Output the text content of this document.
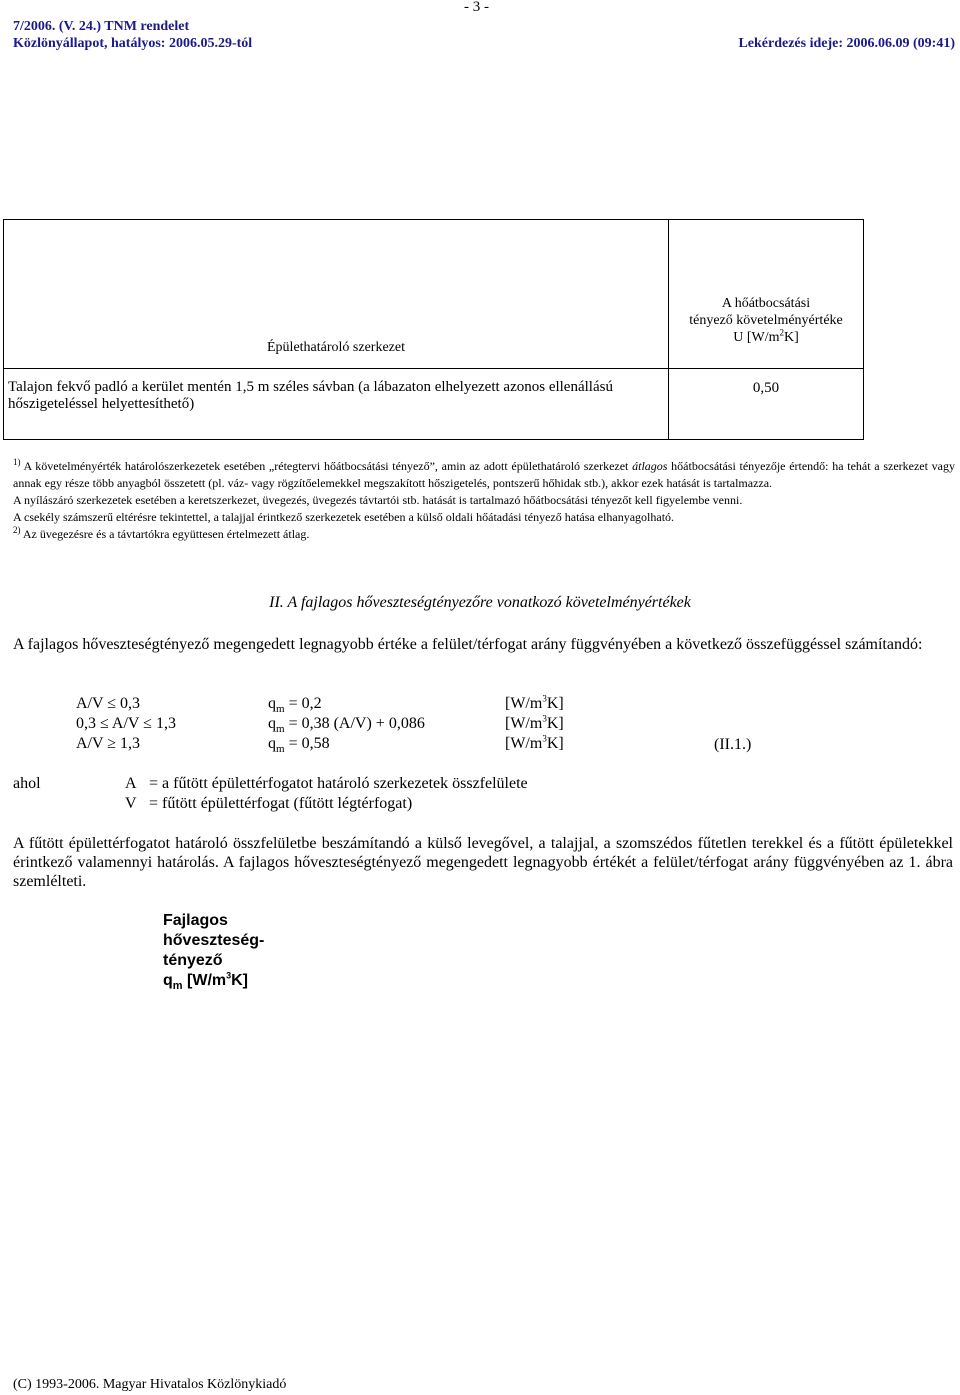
7/2006. (V. 24.) TNM rendelet
Közlönyállapot, hatályos: 2006.05.29-tól
- 3 -
Lekérdezés ideje: 2006.06.09 (09:41)
Épülethatároló szerkezet	A hőátbocsátási
tényező követelményértéke
U $[W/m^2K]$

Talajon fekvő padló a kerület mentén 1,5 m széles sávban (a lábazaton elhelyezett azonos ellenállású hőszigeteléssel helyettesíthető)	0,50

$^{1)}$ A követelményérték határolószerkezetek esetében „rétegtervi hőátbocsátási tényező”, amin az adott épülethatároló szerkezet átlagos hőátbocsátási tényezője értendő: ha tehát a szerkezet vagy annak egy része több anyagból összetett (pl. váz- vagy rögzítőelemekkel megszakított hőszigetelés, pontszerű hőhidak stb.), akkor ezek hatását is tartalmazza.

A nyílászáró szerkezetek esetében a keretszerkezet, üvegezés, üvegezés távtartói stb. hatását is tartalmazó hőátbocsátási tényezőt kell figyelembe venni.

A csekély számszerű eltérésre tekintettel, a talajjal érintkező szerkezetek esetében a külső oldali hőátadási tényező hatása elhanyagolható.

$^{2)}$ Az üvegezésre és a távtartókra együttesen értelmezett átlag.

II. A fajlagos hőveszteségtényezőre vonatkozó követelményértékek
A fajlagos hőveszteségtényező megengedett legnagyobb értéke a felület/térfogat arány függvényében a következő összefüggéssel számítandó:
A/V ≤ 0,3	$q_m = 0,2$	$[W/m^3K]$
0,3 ≤ A/V ≤ 1,3	$q_m = 0,38$ (A/V) + 0,086	$[W/m^3K]$
A/V ≥ 1,3	$q_m = 0,58$	$[W/m^3K]$	(II.1.)
ahol	A = a fűtött épülettérfogatot határoló szerkezetek összfelülete
V = fűtött épülettérfogat (fűtött légtérfogat)
A fűtött épülettérfogatot határoló összfelületbe beszámítandó a külső levegővel, a talajjal, a szomszédos fűtetlen terekkel és a fűtött épületekkel érintkező valamennyi határolás. A fajlagos hőveszteségtényező megengedett legnagyobb értékét a felület/térfogat arány függvényében az 1. ábra szemlélteti.
Fajlagos
hőveszteség-
tényező
$q_m$ $[W/m^3K]$
(C) 1993-2006. Magyar Hivatalos Közlönykiadó
